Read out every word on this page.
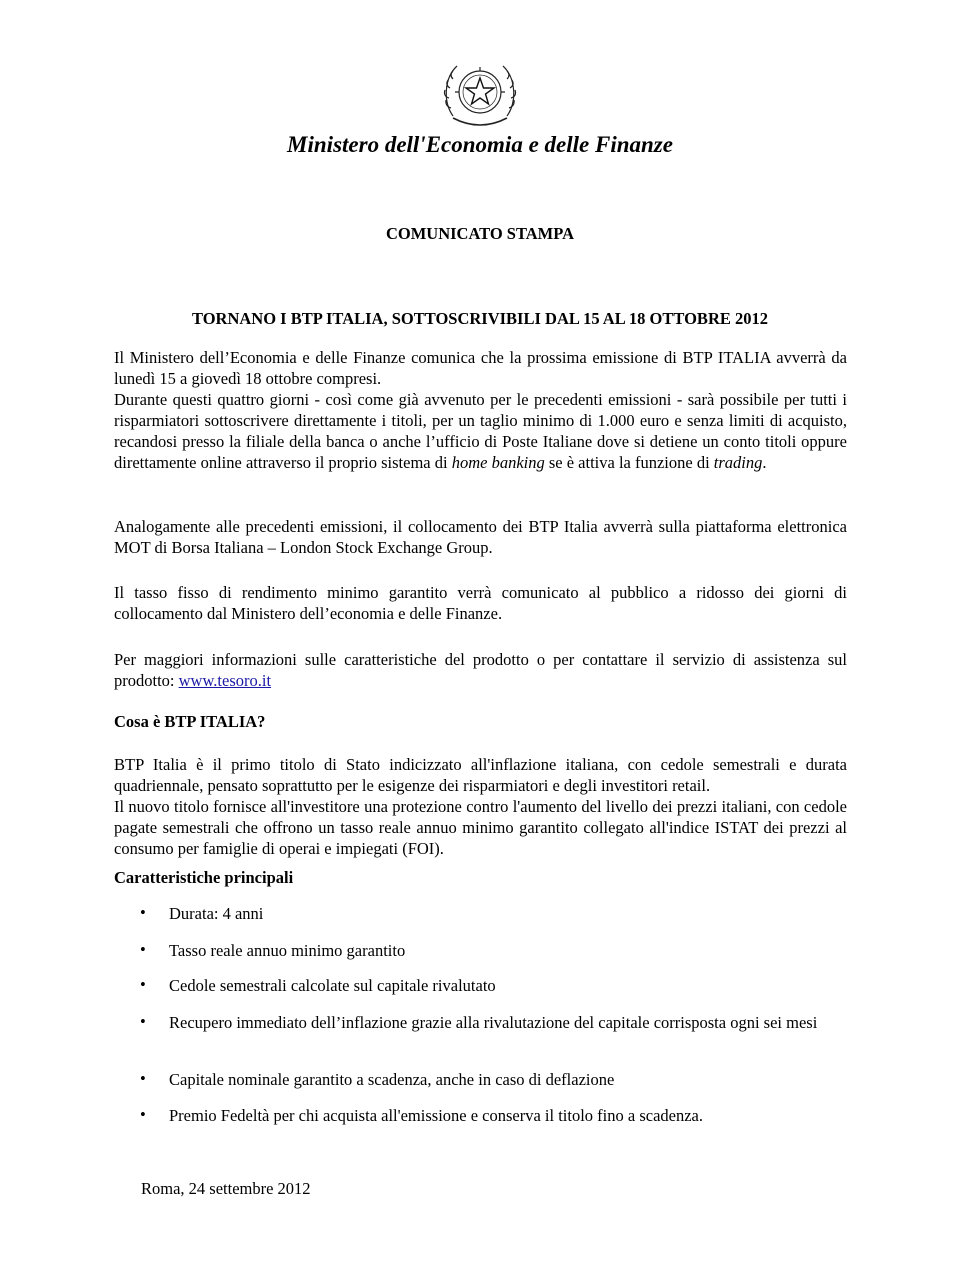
Ministero dell'Economia e delle Finanze
COMUNICATO STAMPA
TORNANO I BTP ITALIA, SOTTOSCRIVIBILI DAL 15 AL 18 OTTOBRE 2012

Il Ministero dell’Economia e delle Finanze comunica che la prossima emissione di BTP ITALIA avverrà da lunedì 15 a giovedì 18 ottobre compresi.

Durante questi quattro giorni - così come già avvenuto per le precedenti emissioni - sarà possibile per tutti i risparmiatori sottoscrivere direttamente i titoli, per un taglio minimo di 1.000 euro e senza limiti di acquisto, recandosi presso la filiale della banca o anche l’ufficio di Poste Italiane dove si detiene un conto titoli oppure direttamente online attraverso il proprio sistema di home banking se è attiva la funzione di trading.

Analogamente alle precedenti emissioni, il collocamento dei BTP Italia avverrà sulla piattaforma elettronica MOT di Borsa Italiana – London Stock Exchange Group.

Il tasso fisso di rendimento minimo garantito verrà comunicato al pubblico a ridosso dei giorni di collocamento dal Ministero dell’economia e delle Finanze.

Per maggiori informazioni sulle caratteristiche del prodotto o per contattare il servizio di assistenza sul prodotto: www.tesoro.it

Cosa è BTP ITALIA?

BTP Italia è il primo titolo di Stato indicizzato all'inflazione italiana, con cedole semestrali e durata quadriennale, pensato soprattutto per le esigenze dei risparmiatori e degli investitori retail.

Il nuovo titolo fornisce all'investitore una protezione contro l'aumento del livello dei prezzi italiani, con cedole pagate semestrali che offrono un tasso reale annuo minimo garantito collegato all'indice ISTAT dei prezzi al consumo per famiglie di operai e impiegati (FOI).

Caratteristiche principali
• Durata: 4 anni

• Tasso reale annuo minimo garantito

• Cedole semestrali calcolate sul capitale rivalutato

• Recupero immediato dell’inflazione grazie alla rivalutazione del capitale corrisposta ogni sei mesi

• Capitale nominale garantito a scadenza, anche in caso di deflazione

• Premio Fedeltà per chi acquista all'emissione e conserva il titolo fino a scadenza.

Roma, 24 settembre 2012
